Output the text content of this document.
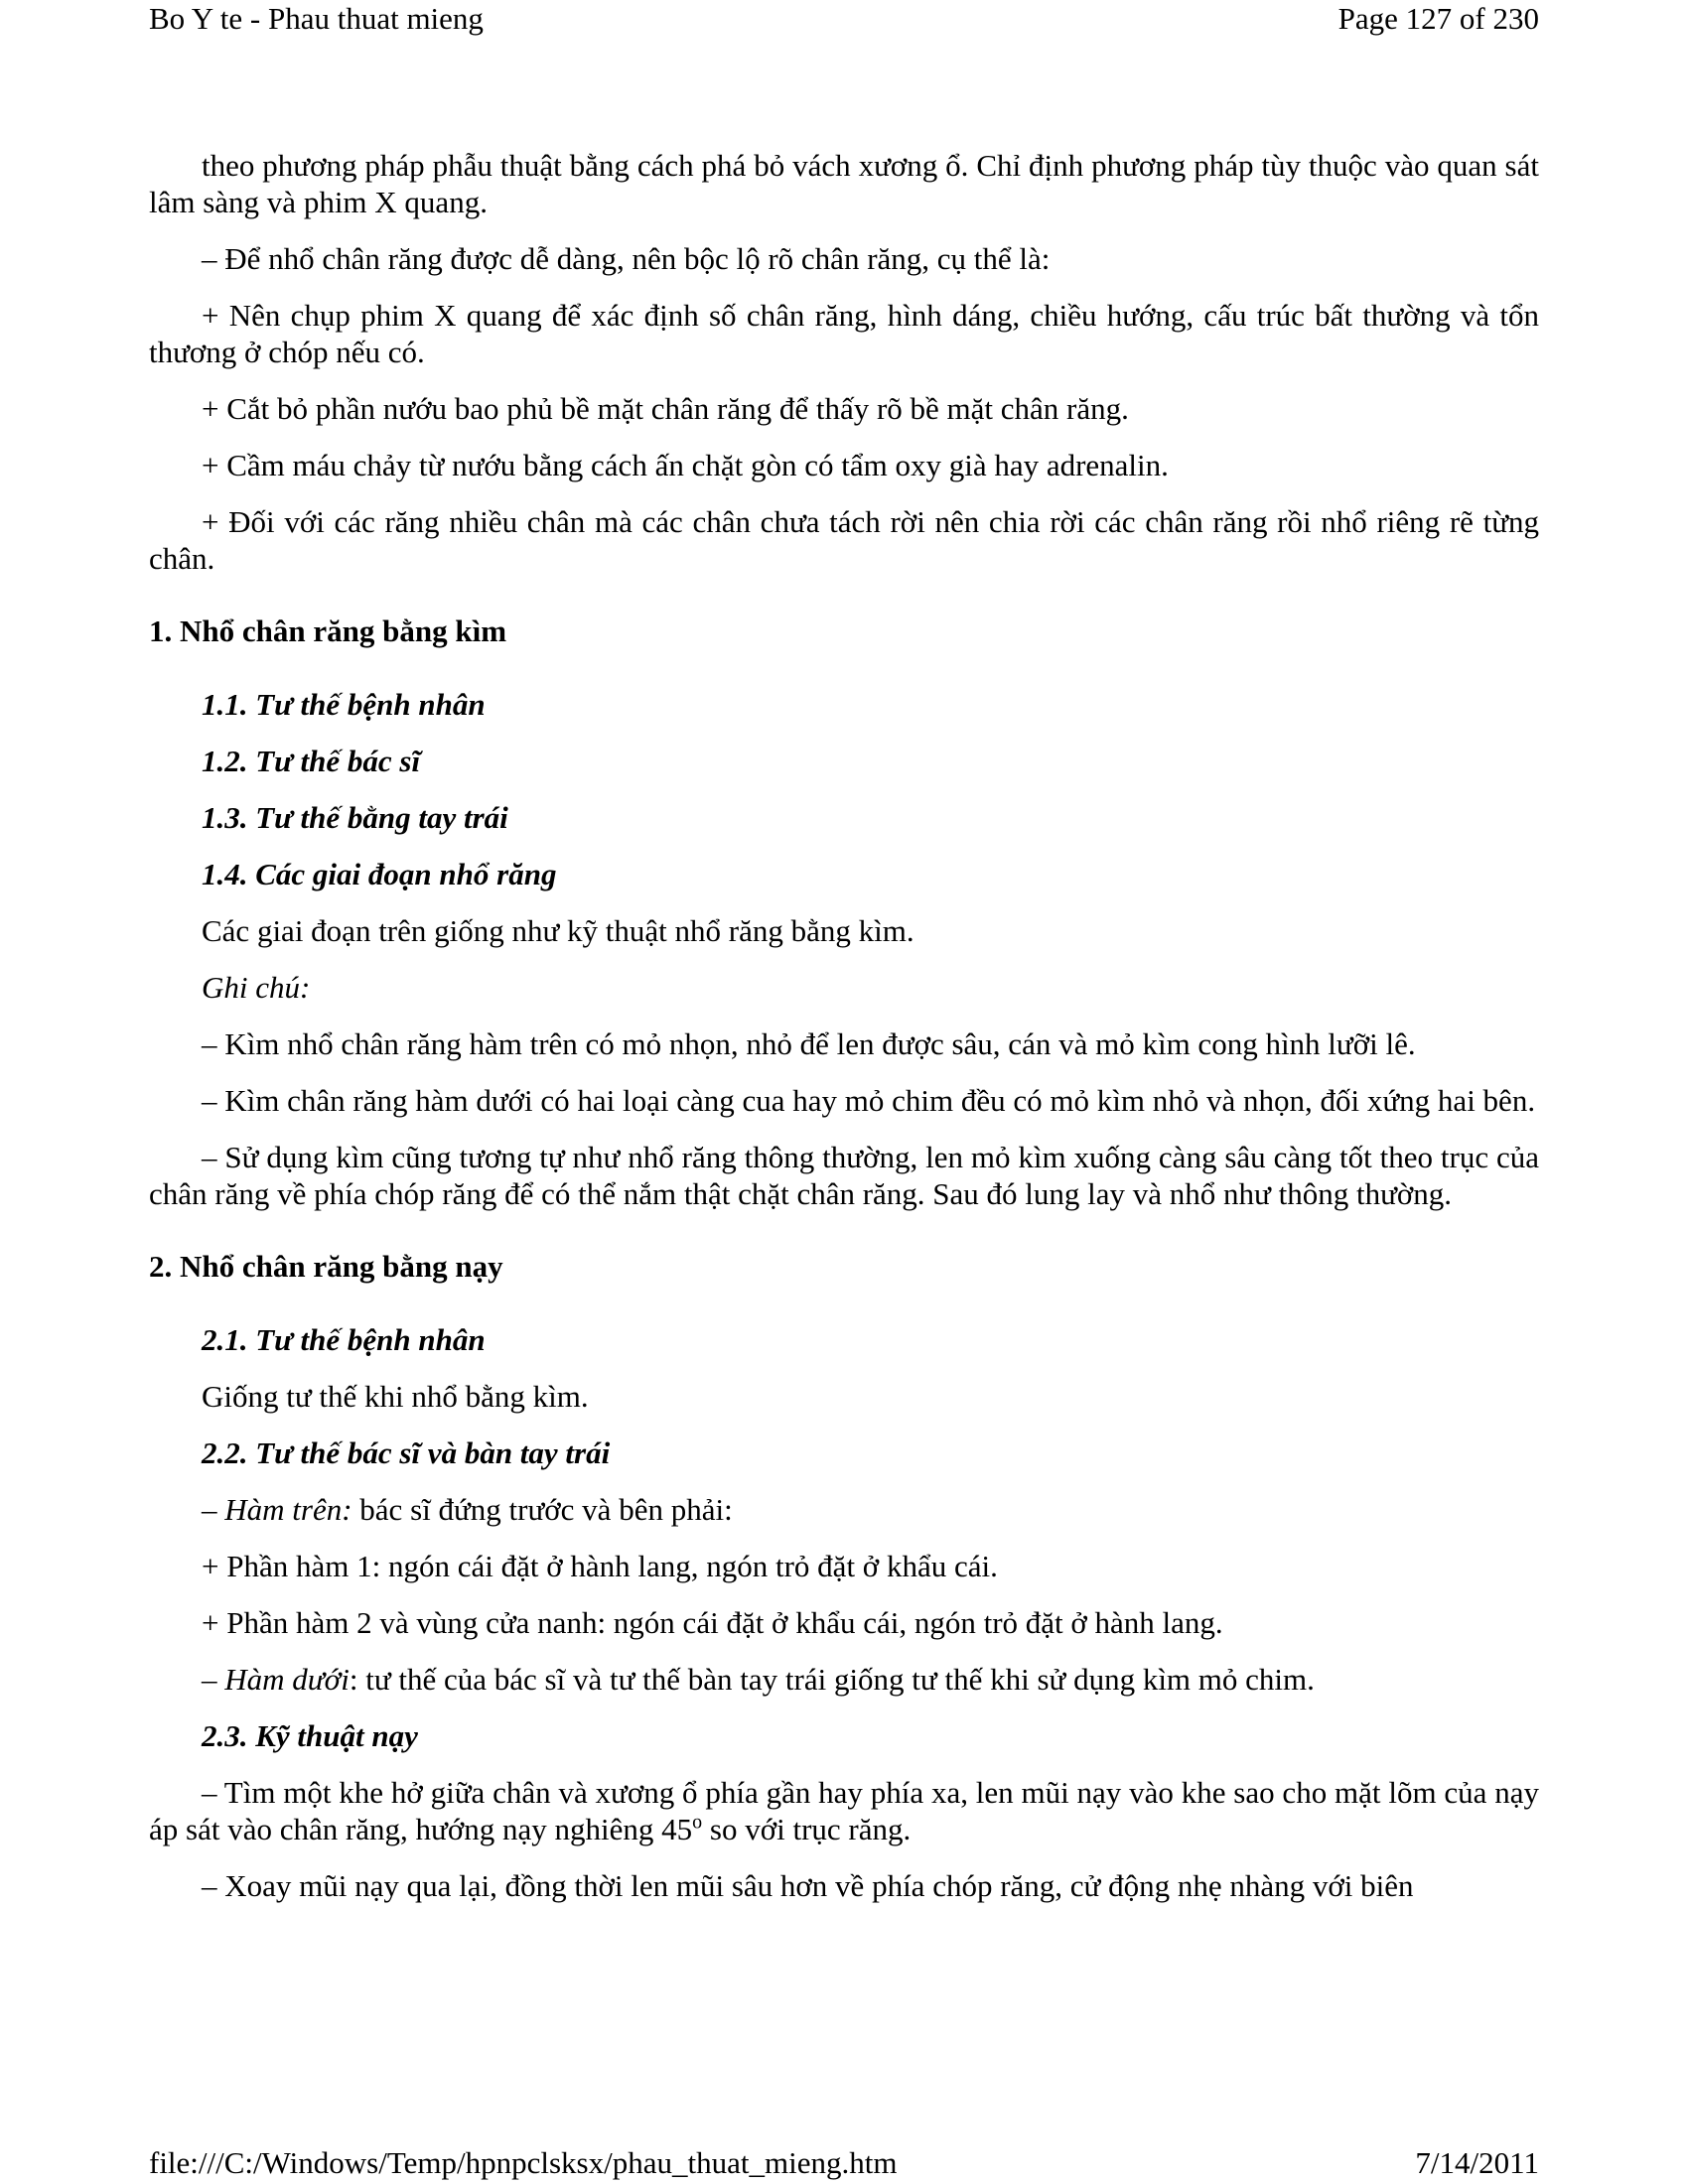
Bo Y te - Phau thuat mieng	Page 127 of 230

theo phương pháp phẫu thuật bằng cách phá bỏ vách xương ổ. Chỉ định phương pháp tùy thuộc vào quan sát lâm sàng và phim X quang.

– Để nhổ chân răng được dễ dàng, nên bộc lộ rõ chân răng, cụ thể là:

+ Nên chụp phim X quang để xác định số chân răng, hình dáng, chiều hướng, cấu trúc bất thường và tổn thương ở chóp nếu có.

+ Cắt bỏ phần nướu bao phủ bề mặt chân răng để thấy rõ bề mặt chân răng.

+ Cầm máu chảy từ nướu bằng cách ấn chặt gòn có tẩm oxy già hay adrenalin.

+ Đối với các răng nhiều chân mà các chân chưa tách rời nên chia rời các chân răng rồi nhổ riêng rẽ từng chân.

1. Nhổ chân răng bằng kìm
1.1. Tư thế bệnh nhân
1.2. Tư thế bác sĩ
1.3. Tư thế bằng tay trái
1.4. Các giai đoạn nhổ răng

Các giai đoạn trên giống như kỹ thuật nhổ răng bằng kìm.

Ghi chú:

– Kìm nhổ chân răng hàm trên có mỏ nhọn, nhỏ để len được sâu, cán và mỏ kìm cong hình lưỡi lê.

– Kìm chân răng hàm dưới có hai loại càng cua hay mỏ chim đều có mỏ kìm nhỏ và nhọn, đối xứng hai bên.

– Sử dụng kìm cũng tương tự như nhổ răng thông thường, len mỏ kìm xuống càng sâu càng tốt theo trục của chân răng về phía chóp răng để có thể nắm thật chặt chân răng. Sau đó lung lay và nhổ như thông thường.

2. Nhổ chân răng bằng nạy
2.1. Tư thế bệnh nhân

Giống tư thế khi nhổ bằng kìm.

2.2. Tư thế bác sĩ và bàn tay trái

– Hàm trên: bác sĩ đứng trước và bên phải:

+ Phần hàm 1: ngón cái đặt ở hành lang, ngón trỏ đặt ở khẩu cái.

+ Phần hàm 2 và vùng cửa nanh: ngón cái đặt ở khẩu cái, ngón trỏ đặt ở hành lang.

– Hàm dưới: tư thế của bác sĩ và tư thế bàn tay trái giống tư thế khi sử dụng kìm mỏ chim.

2.3. Kỹ thuật nạy

– Tìm một khe hở giữa chân và xương ổ phía gần hay phía xa, len mũi nạy vào khe sao cho mặt lõm của nạy áp sát vào chân răng, hướng nạy nghiêng 45$^o$ so với trục răng.

– Xoay mũi nạy qua lại, đồng thời len mũi sâu hơn về phía chóp răng, cử động nhẹ nhàng với biên

file:///C:/Windows/Temp/hpnpclsksx/phau_thuat_mieng.htm	7/14/2011
